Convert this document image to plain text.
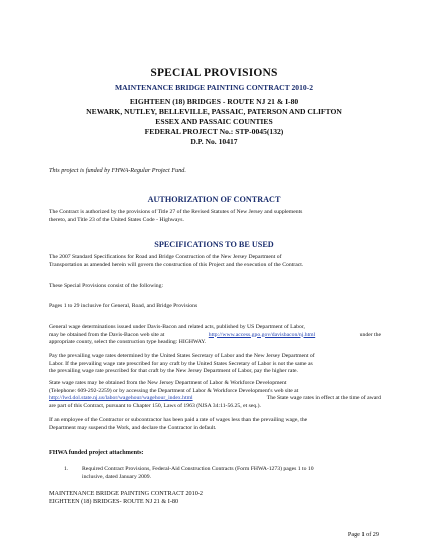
SPECIAL PROVISIONS
MAINTENANCE BRIDGE PAINTING CONTRACT 2010-2
EIGHTEEN (18) BRIDGES - ROUTE NJ 21 & I-80
NEWARK, NUTLEY, BELLEVILLE, PASSAIC, PATERSON AND CLIFTON
ESSEX AND PASSAIC COUNTIES
FEDERAL PROJECT No.: STP-0045(132)
D.P. No. 10417
This project is funded by FHWA-Regular Project Fund.
AUTHORIZATION OF CONTRACT
The Contract is authorized by the provisions of Title 27 of the Revised Statutes of New Jersey and supplements
thereto, and Title 23 of the United States Code - Highways.
SPECIFICATIONS TO BE USED
The 2007 Standard Specifications for Road and Bridge Construction of the New Jersey Department of
Transportation as amended herein will govern the construction of this Project and the execution of the Contract.
These Special Provisions consist of the following:
Pages 1 to 29 inclusive for General, Road, and Bridge Provisions
General wage determinations issued under Davis-Bacon and related acts, published by US Department of Labor,
may be obtained from the Davis-Bacon web site at	http://www.access.gpo.gov/davisbacon/nj.html	under the
appropriate county, select the construction type heading: HIGHWAY.
Pay the prevailing wage rates determined by the United States Secretary of Labor and the New Jersey Department of
Labor. If the prevailing wage rate prescribed for any craft by the United States Secretary of Labor is not the same as
the prevailing wage rate prescribed for that craft by the New Jersey Department of Labor, pay the higher rate.
State wage rates may be obtained from the New Jersey Department of Labor & Workforce Development
(Telephone: 609-292-2259) or by accessing the Department of Labor & Workforce Development's web site at
http://lwd.dol.state.nj.us/labor/wagehour/wagehour_index.html	The State wage rates in effect at the time of award
are part of this Contract, pursuant to Chapter 150, Laws of 1963 (NJSA 34:11-56.25, et seq.).
If an employee of the Contractor or subcontractor has been paid a rate of wages less than the prevailing wage, the
Department may suspend the Work, and declare the Contractor in default.
FHWA funded project attachments:
1. Required Contract Provisions, Federal-Aid Construction Contracts (Form FHWA-1273) pages 1 to 10
inclusive, dated January 2009.
MAINTENANCE BRIDGE PAINTING CONTRACT 2010-2
EIGHTEEN (18) BRIDGES- ROUTE NJ 21 & I-80
Page 1 of 29
